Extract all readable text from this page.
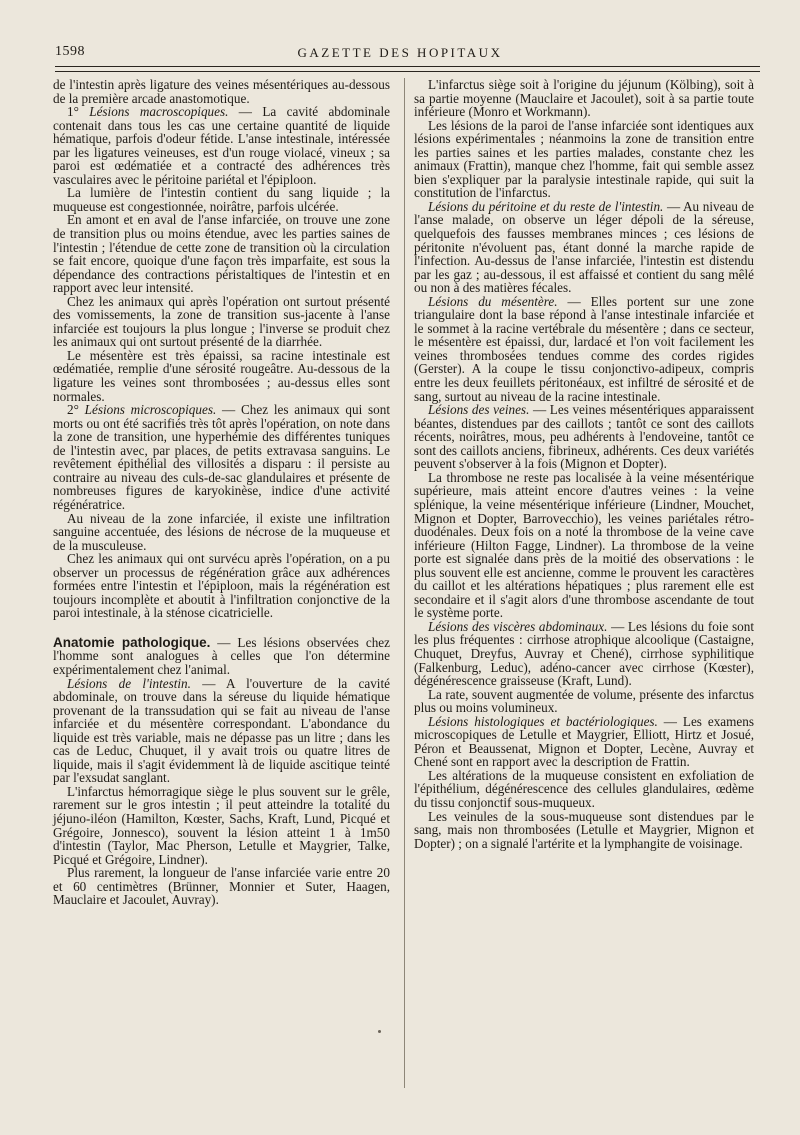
1598	GAZETTE DES HOPITAUX

de l'intestin après ligature des veines mésentériques au-dessous de la première arcade anastomotique.

1° Lésions macroscopiques. — La cavité abdominale contenait dans tous les cas une certaine quantité de liquide hématique, parfois d'odeur fétide. L'anse intestinale, intéressée par les ligatures veineuses, est d'un rouge violacé, vineux ; sa paroi est œdématiée et a contracté des adhérences très vasculaires avec le péritoine pariétal et l'épiploon.

La lumière de l'intestin contient du sang liquide ; la muqueuse est congestionnée, noirâtre, parfois ulcérée.

En amont et en aval de l'anse infarciée, on trouve une zone de transition plus ou moins étendue, avec les parties saines de l'intestin ; l'étendue de cette zone de transition où la circulation se fait encore, quoique d'une façon très imparfaite, est sous la dépendance des contractions péristaltiques de l'intestin et en rapport avec leur intensité.

Chez les animaux qui après l'opération ont surtout présenté des vomissements, la zone de transition sus-jacente à l'anse infarciée est toujours la plus longue ; l'inverse se produit chez les animaux qui ont surtout présenté de la diarrhée.

Le mésentère est très épaissi, sa racine intestinale est œdématiée, remplie d'une sérosité rougeâtre. Au-dessous de la ligature les veines sont thrombosées ; au-dessus elles sont normales.

2° Lésions microscopiques. — Chez les animaux qui sont morts ou ont été sacrifiés très tôt après l'opération, on note dans la zone de transition, une hyperhémie des différentes tuniques de l'intestin avec, par places, de petits extravasa sanguins. Le revêtement épithélial des villosités a disparu : il persiste au contraire au niveau des culs-de-sac glandulaires et présente de nombreuses figures de karyokinèse, indice d'une activité régénératrice.

Au niveau de la zone infarciée, il existe une infiltration sanguine accentuée, des lésions de nécrose de la muqueuse et de la musculeuse.

Chez les animaux qui ont survécu après l'opération, on a pu observer un processus de régénération grâce aux adhérences formées entre l'intestin et l'épiploon, mais la régénération est toujours incomplète et aboutit à l'infiltration conjonctive de la paroi intestinale, à la sténose cicatricielle.

Anatomie pathologique. — Les lésions observées chez l'homme sont analogues à celles que l'on détermine expérimentalement chez l'animal.

Lésions de l'intestin. — A l'ouverture de la cavité abdominale, on trouve dans la séreuse du liquide hématique provenant de la transsudation qui se fait au niveau de l'anse infarciée et du mésentère correspondant. L'abondance du liquide est très variable, mais ne dépasse pas un litre ; dans les cas de Leduc, Chuquet, il y avait trois ou quatre litres de liquide, mais il s'agit évidemment là de liquide ascitique teinté par l'exsudat sanglant.

L'infarctus hémorragique siège le plus souvent sur le grêle, rarement sur le gros intestin ; il peut atteindre la totalité du jéjuno-iléon (Hamilton, Kœster, Sachs, Kraft, Lund, Picqué et Grégoire, Jonnesco), souvent la lésion atteint 1 à 1m50 d'intestin (Taylor, Mac Pherson, Letulle et Maygrier, Talke, Picqué et Grégoire, Lindner).

Plus rarement, la longueur de l'anse infarciée varie entre 20 et 60 centimètres (Brünner, Monnier et Suter, Haagen, Mauclaire et Jacoulet, Auvray).

L'infarctus siège soit à l'origine du jéjunum (Kölbing), soit à sa partie moyenne (Mauclaire et Jacoulet), soit à sa partie toute inférieure (Monro et Workmann).

Les lésions de la paroi de l'anse infarciée sont identiques aux lésions expérimentales ; néanmoins la zone de transition entre les parties saines et les parties malades, constante chez les animaux (Frattin), manque chez l'homme, fait qui semble assez bien s'expliquer par la paralysie intestinale rapide, qui suit la constitution de l'infarctus.

Lésions du péritoine et du reste de l'intestin. — Au niveau de l'anse malade, on observe un léger dépoli de la séreuse, quelquefois des fausses membranes minces ; ces lésions de péritonite n'évoluent pas, étant donné la marche rapide de l'infection. Au-dessus de l'anse infarciée, l'intestin est distendu par les gaz ; au-dessous, il est affaissé et contient du sang mêlé ou non à des matières fécales.

Lésions du mésentère. — Elles portent sur une zone triangulaire dont la base répond à l'anse intestinale infarciée et le sommet à la racine vertébrale du mésentère ; dans ce secteur, le mésentère est épaissi, dur, lardacé et l'on voit facilement les veines thrombosées tendues comme des cordes rigides (Gerster). A la coupe le tissu conjonctivo-adipeux, compris entre les deux feuillets péritonéaux, est infiltré de sérosité et de sang, surtout au niveau de la racine intestinale.

Lésions des veines. — Les veines mésentériques apparaissent béantes, distendues par des caillots ; tantôt ce sont des caillots récents, noirâtres, mous, peu adhérents à l'endoveine, tantôt ce sont des caillots anciens, fibrineux, adhérents. Ces deux variétés peuvent s'observer à la fois (Mignon et Dopter).

La thrombose ne reste pas localisée à la veine mésentérique supérieure, mais atteint encore d'autres veines : la veine splénique, la veine mésentérique inférieure (Lindner, Mouchet, Mignon et Dopter, Barrovecchio), les veines pariétales rétro-duodénales. Deux fois on a noté la thrombose de la veine cave inférieure (Hilton Fagge, Lindner). La thrombose de la veine porte est signalée dans près de la moitié des observations : le plus souvent elle est ancienne, comme le prouvent les caractères du caillot et les altérations hépatiques ; plus rarement elle est secondaire et il s'agit alors d'une thrombose ascendante de tout le système porte.

Lésions des viscères abdominaux. — Les lésions du foie sont les plus fréquentes : cirrhose atrophique alcoolique (Castaigne, Chuquet, Dreyfus, Auvray et Chené), cirrhose syphilitique (Falkenburg, Leduc), adéno-cancer avec cirrhose (Kœster), dégénérescence graisseuse (Kraft, Lund).

La rate, souvent augmentée de volume, présente des infarctus plus ou moins volumineux.

Lésions histologiques et bactériologiques. — Les examens microscopiques de Letulle et Maygrier, Elliott, Hirtz et Josué, Péron et Beaussenat, Mignon et Dopter, Lecène, Auvray et Chené sont en rapport avec la description de Frattin.

Les altérations de la muqueuse consistent en exfoliation de l'épithélium, dégénérescence des cellules glandulaires, œdème du tissu conjonctif sous-muqueux.

Les veinules de la sous-muqueuse sont distendues par le sang, mais non thrombosées (Letulle et Maygrier, Mignon et Dopter) ; on a signalé l'artérite et la lymphangite de voisinage.
